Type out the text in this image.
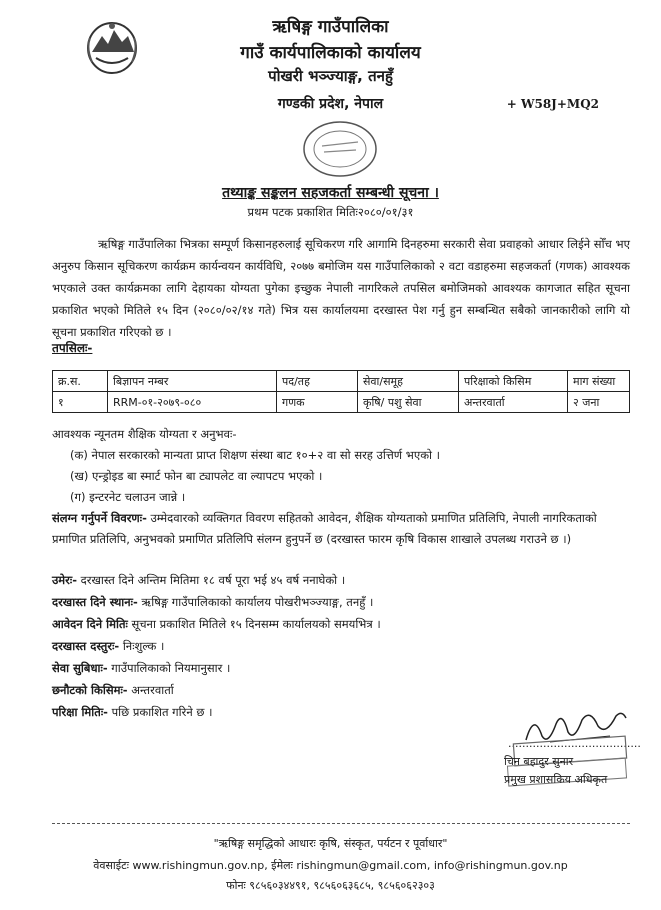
ऋषिङ्ग गाउँपालिका
गाउँ कार्यपालिकाको कार्यालय
पोखरी भञ्ज्याङ्ग, तनहुँ
गण्डकी प्रदेश, नेपाल	+ W58J+MQ2
तथ्याङ्क सङ्कलन सहजकर्ता सम्बन्धी सूचना ।
प्रथम पटक प्रकाशित मितिः२०८०/०१/३१
ऋषिङ्ग गाउँपालिका भित्रका सम्पूर्ण किसानहरुलाई सूचिकरण गरि आगामि दिनहरुमा सरकारी सेवा प्रवाहको आधार लिईने सोँच भए अनुरुप किसान सूचिकरण कार्यक्रम कार्यन्वयन कार्यविधि, २०७७ बमोजिम यस गाउँपालिकाको २ वटा वडाहरुमा सहजकर्ता (गणक) आवश्यक भएकाले उक्त कार्यक्रमका लागि देहायका योग्यता पुगेका इच्छुक नेपाली नागरिकले तपसिल बमोजिमको आवश्यक कागजात सहित सूचना प्रकाशित भएको मितिले १५ दिन (२०८०/०२/१४ गते) भित्र यस कार्यालयमा दरखास्त पेश गर्नु हुन सम्बन्धित सबैको जानकारीको लागि यो सूचना प्रकाशित गरिएको छ ।
तपसिलः-
क्र.स.	बिज्ञापन नम्बर	पद/तह	सेवा/समूह	परिक्षाको किसिम	माग संख्या
१	RRM-०१-२०७९-०८०	गणक	कृषि/ पशु सेवा	अन्तरवार्ता	२ जना
आवश्यक न्यूनतम शैक्षिक योग्यता र अनुभवः-
(क) नेपाल सरकारको मान्यता प्राप्त शिक्षण संस्था बाट १०+२ वा सो सरह उत्तिर्ण भएको ।
(ख) एन्ड्रोइड बा स्मार्ट फोन बा ट्यापलेट वा ल्यापटप भएको ।
(ग) इन्टरनेट चलाउन जान्ने ।
संलग्न गर्नुपर्ने विवरणः- उम्मेदवारको व्यक्तिगत विवरण सहितको आवेदन, शैक्षिक योग्यताको प्रमाणित प्रतिलिपि, नेपाली नागरिकताको प्रमाणित प्रतिलिपि, अनुभवको प्रमाणित प्रतिलिपि संलग्न हुनुपर्ने छ (दरखास्त फारम कृषि विकास शाखाले उपलब्ध गराउने छ ।)
उमेरः- दरखास्त दिने अन्तिम मितिमा १८ वर्ष पूरा भई ४५ वर्ष ननाघेको ।
दरखास्त दिने स्थानः- ऋषिङ्ग गाउँपालिकाको कार्यालय पोखरीभञ्ज्याङ्ग, तनहुँ ।
आवेदन दिने मितिः सूचना प्रकाशित मितिले १५ दिनसम्म कार्यालयको समयभित्र ।
दरखास्त दस्तुरः- निःशुल्क ।
सेवा सुबिधाः- गाउँपालिकाको नियमानुसार ।
छनौटको किसिमः- अन्तरवार्ता
परिक्षा मितिः- पछि प्रकाशित गरिने छ ।
......................................
चिन बहादुर सुनार
प्रमुख प्रशासकिय अधिकृत
"ऋषिङ्ग समृद्धिको आधारः कृषि, संस्कृत, पर्यटन र पूर्वाधार"
वेवसाईटः www.rishingmun.gov.np, ईमेलः rishingmun@gmail.com, info@rishingmun.gov.np
फोनः ९८५६०३४४९१, ९८५६०६३६८५, ९८५६०६२३०३
